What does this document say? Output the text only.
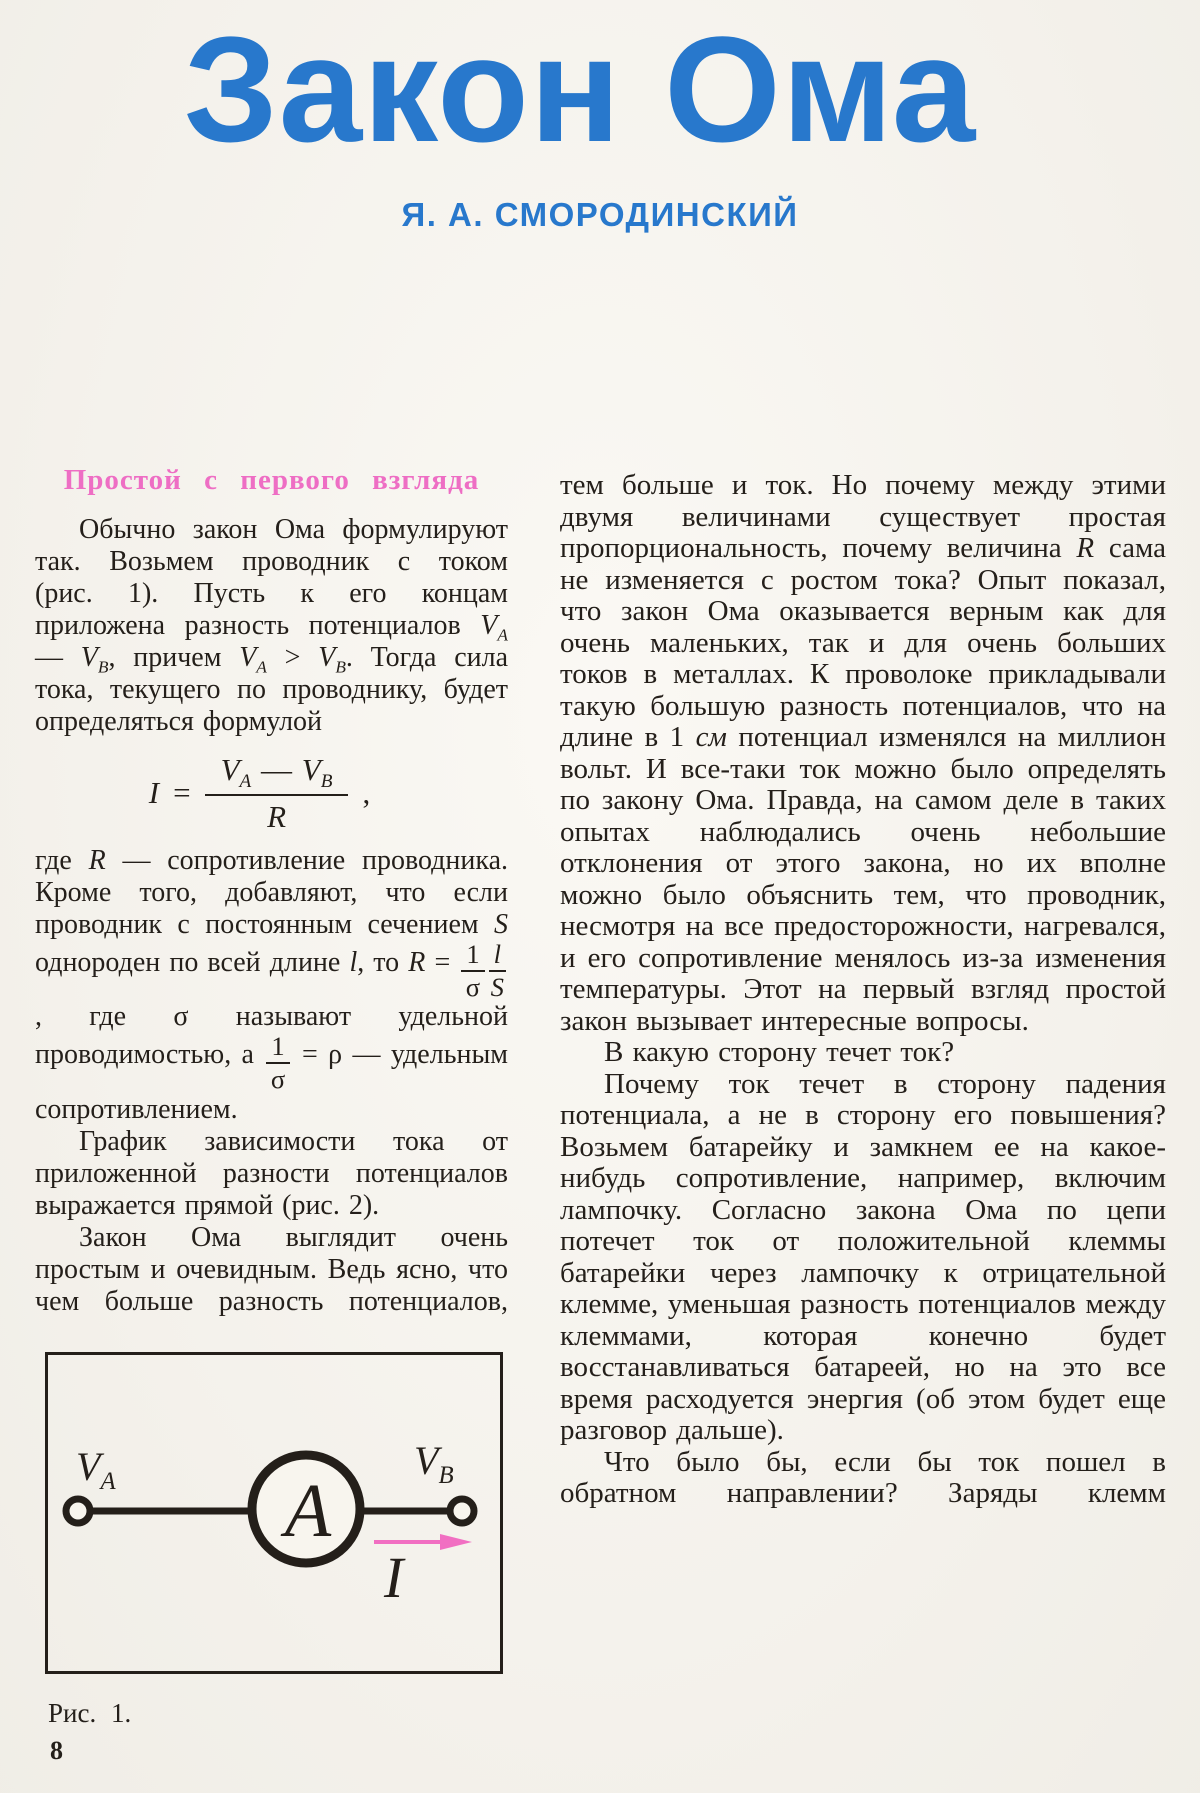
Закон Ома
Я. А. СМОРОДИНСКИЙ
Простой с первого взгляда

Обычно закон Ома формулируют так. Возьмем проводник с током (рис. 1). Пусть к его концам приложена разность потенциалов $V_A$ — $V_B$, причем $V_A > V_B$. Тогда сила тока, текущего по проводнику, будет определяться формулой

$I = \frac{V_A — V_B}{R}$ ,

где R — сопротивление проводника. Кроме того, добавляют, что если проводник с постоянным сечением S однороден по всей длине l, то $R = \frac{1}{\sigma} \frac{l}{S}$
, где σ называют удельной проводимостью, а $\frac{1}{\sigma} = \rho$ — удельным сопротивлением.

График зависимости тока от приложенной разности потенциалов выражается прямой (рис. 2).

Закон Ома выглядит очень простым и очевидным. Ведь ясно, что чем больше разность потенциалов,

тем больше и ток. Но почему между этими двумя величинами существует простая пропорциональность, почему величина R сама не изменяется с ростом тока? Опыт показал, что закон Ома оказывается верным как для очень маленьких, так и для очень больших токов в металлах. К проволоке прикладывали такую большую разность потенциалов, что на длине в 1 см потенциал изменялся на миллион вольт. И все-таки ток можно было определять по закону Ома. Правда, на самом деле в таких опытах наблюдались очень небольшие отклонения от этого закона, но их вполне можно было объяснить тем, что проводник, несмотря на все предосторожности, нагревался, и его сопротивление менялось из-за изменения температуры. Этот на первый взгляд простой закон вызывает интересные вопросы.

В какую сторону течет ток?

Почему ток течет в сторону падения потенциала, а не в сторону его повышения? Возьмем батарейку и замкнем ее на какое-нибудь сопротивление, например, включим лампочку. Согласно закона Ома по цепи потечет ток от положительной клеммы батарейки через лампочку к отрицательной клемме, уменьшая разность потенциалов между клеммами, которая конечно будет восстанавливаться батареей, но на это все время расходуется энергия (об этом будет еще разговор дальше).

Что было бы, если бы ток пошел в обратном направлении? Заряды клемм

$V_A$	$V_B$
A
I
Рис. 1.
8
